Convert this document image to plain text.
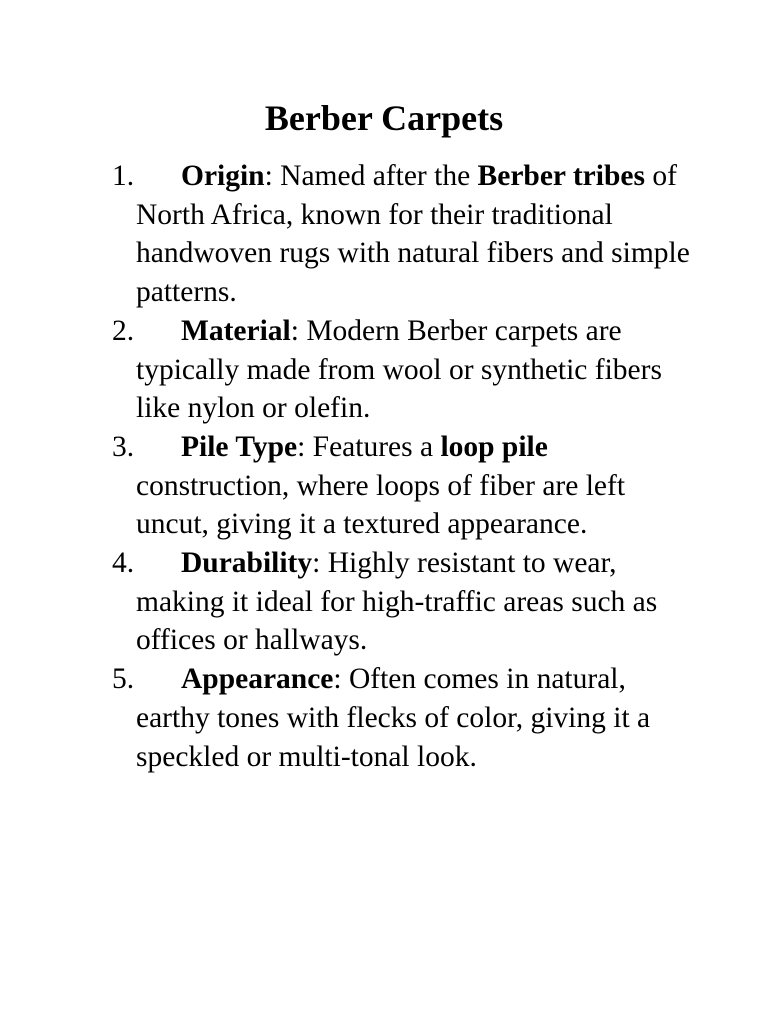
Berber Carpets
1. Origin: Named after the Berber tribes of North Africa, known for their traditional handwoven rugs with natural fibers and simple patterns.
2. Material: Modern Berber carpets are typically made from wool or synthetic fibers like nylon or olefin.
3. Pile Type: Features a loop pile construction, where loops of fiber are left uncut, giving it a textured appearance.
4. Durability: Highly resistant to wear, making it ideal for high-traffic areas such as offices or hallways.
5. Appearance: Often comes in natural, earthy tones with flecks of color, giving it a speckled or multi-tonal look.
